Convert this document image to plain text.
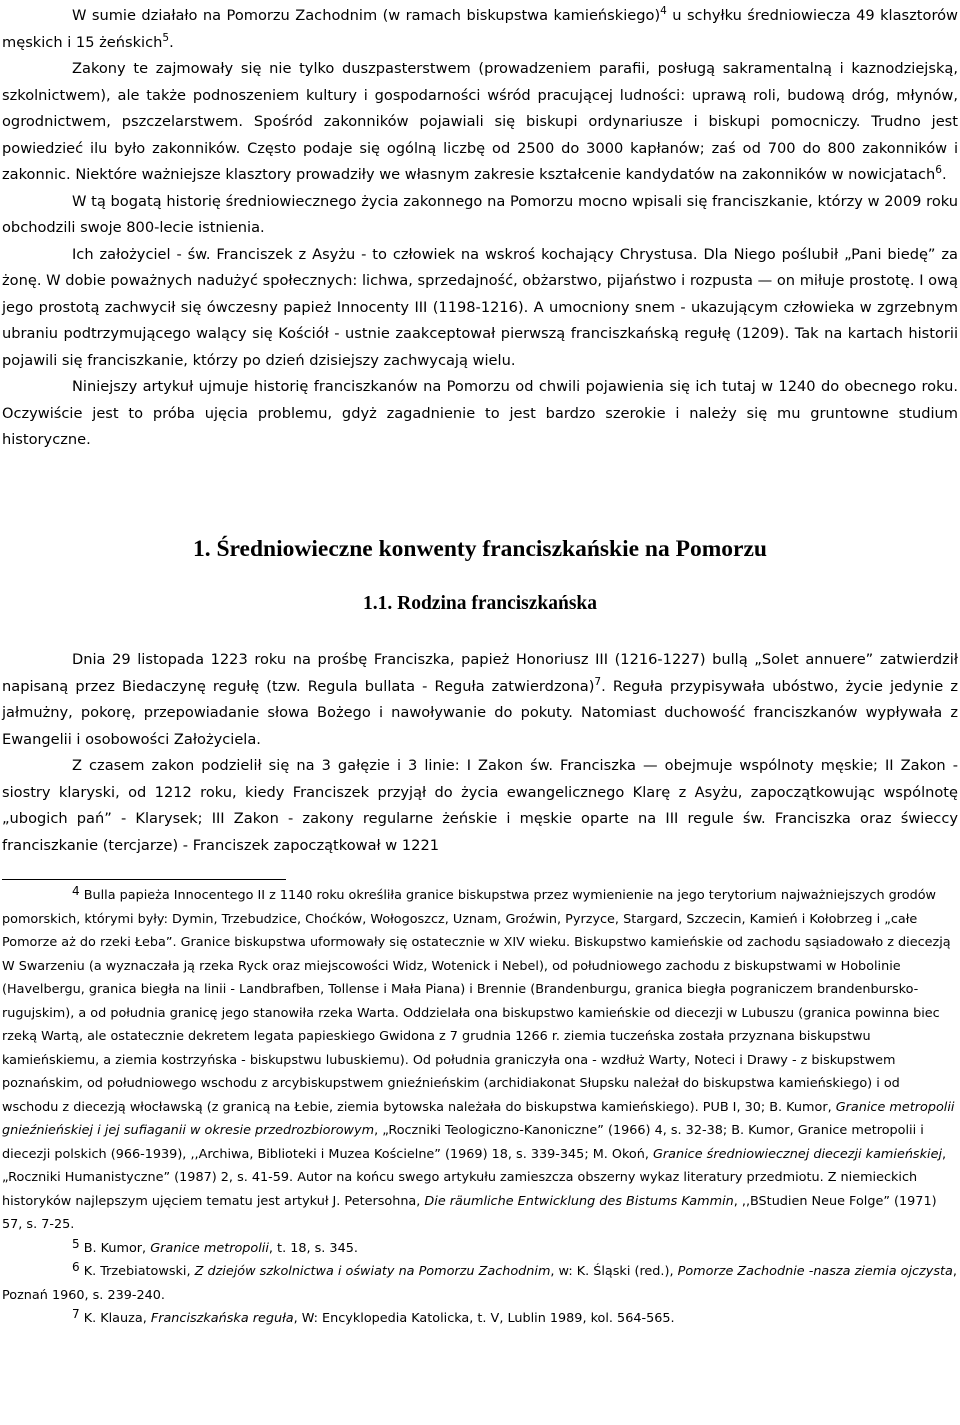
W sumie działało na Pomorzu Zachodnim (w ramach biskupstwa kamieńskiego)$^4$ u schyłku średniowiecza 49 klasztorów męskich i 15 żeńskich$^5$.

Zakony te zajmowały się nie tylko duszpasterstwem (prowadzeniem parafii, posługą sakramentalną i kaznodziejską, szkolnictwem), ale także podnoszeniem kultury i gospodarności wśród pracującej ludności: uprawą roli, budową dróg, młynów, ogrodnictwem, pszczelarstwem. Spośród zakonników pojawiali się biskupi ordynariusze i biskupi pomocniczy. Trudno jest powiedzieć ilu było zakonników. Często podaje się ogólną liczbę od 2500 do 3000 kapłanów; zaś od 700 do 800 zakonników i zakonnic. Niektóre ważniejsze klasztory prowadziły we własnym zakresie kształcenie kandydatów na zakonników w nowicjatach$^6$.

W tą bogatą historię średniowiecznego życia zakonnego na Pomorzu mocno wpisali się franciszkanie, którzy w 2009 roku obchodzili swoje 800-lecie istnienia.

Ich założyciel - św. Franciszek z Asyżu - to człowiek na wskroś kochający Chrystusa. Dla Niego poślubił „Pani biedę” za żonę. W dobie poważnych nadużyć społecznych: lichwa, sprzedajność, obżarstwo, pijaństwo i rozpusta — on miłuje prostotę. I ową jego prostotą zachwycił się ówczesny papież Innocenty III (1198-1216). A umocniony snem - ukazującym człowieka w zgrzebnym ubraniu podtrzymującego walący się Kościół - ustnie zaakceptował pierwszą franciszkańską regułę (1209). Tak na kartach historii pojawili się franciszkanie, którzy po dzień dzisiejszy zachwycają wielu.

Niniejszy artykuł ujmuje historię franciszkanów na Pomorzu od chwili pojawienia się ich tutaj w 1240 do obecnego roku. Oczywiście jest to próba ujęcia problemu, gdyż zagadnienie to jest bardzo szerokie i należy się mu gruntowne studium historyczne.

1. Średniowieczne konwenty franciszkańskie na Pomorzu
1.1. Rodzina franciszkańska

Dnia 29 listopada 1223 roku na prośbę Franciszka, papież Honoriusz III (1216-1227) bullą „Solet annuere” zatwierdził napisaną przez Biedaczynę regułę (tzw. Regula bullata - Reguła zatwierdzona)$^7$. Reguła przypisywała ubóstwo, życie jedynie z jałmużny, pokorę, przepowiadanie słowa Bożego i nawoływanie do pokuty. Natomiast duchowość franciszkanów wypływała z Ewangelii i osobowości Założyciela.

Z czasem zakon podzielił się na 3 gałęzie i 3 linie: I Zakon św. Franciszka — obejmuje wspólnoty męskie; II Zakon - siostry klaryski, od 1212 roku, kiedy Franciszek przyjął do życia ewangelicznego Klarę z Asyżu, zapoczątkowując wspólnotę „ubogich pań” - Klarysek; III Zakon - zakony regularne żeńskie i męskie oparte na III regule św. Franciszka oraz świeccy franciszkanie (tercjarze) - Franciszek zapoczątkował w 1221

4 Bulla papieża Innocentego II z 1140 roku określiła granice biskupstwa przez wymienienie na jego terytorium najważniejszych grodów pomorskich, którymi były: Dymin, Trzebudzice, Choćków, Wołogoszcz, Uznam, Groźwin, Pyrzyce, Stargard, Szczecin, Kamień i Kołobrzeg i „całe Pomorze aż do rzeki Łeba”. Granice biskupstwa uformowały się ostatecznie w XIV wieku. Biskupstwo kamieńskie od zachodu sąsiadowało z diecezją W Swarzeniu (a wyznaczała ją rzeka Ryck oraz miejscowości Widz, Wotenick i Nebel), od południowego zachodu z biskupstwami w Hobolinie (Havelbergu, granica biegła na linii - Landbrafben, Tollense i Mała Piana) i Brennie (Brandenburgu, granica biegła pograniczem brandenbursko-rugujskim), a od południa granicę jego stanowiła rzeka Warta. Oddzielała ona biskupstwo kamieńskie od diecezji w Lubuszu (granica powinna biec rzeką Wartą, ale ostatecznie dekretem legata papieskiego Gwidona z 7 grudnia 1266 r. ziemia tuczeńska została przyznana biskupstwu kamieńskiemu, a ziemia kostrzyńska - biskupstwu lubuskiemu). Od południa graniczyła ona - wzdłuż Warty, Noteci i Drawy - z biskupstwem poznańskim, od południowego wschodu z arcybiskupstwem gnieźnieńskim (archidiakonat Słupsku należał do biskupstwa kamieńskiego) i od wschodu z diecezją włocławską (z granicą na Łebie, ziemia bytowska należała do biskupstwa kamieńskiego). PUB I, 30; B. Kumor, Granice metropolii gnieźnieńskiej i jej sufiaganii w okresie przedrozbiorowym, „Roczniki Teologiczno-Kanoniczne” (1966) 4, s. 32-38; B. Kumor, Granice metropolii i diecezji polskich (966-1939), ,,Archiwa, Biblioteki i Muzea Kościelne” (1969) 18, s. 339-345; M. Okoń, Granice średniowiecznej diecezji kamieńskiej, „Roczniki Humanistyczne” (1987) 2, s. 41-59. Autor na końcu swego artykułu zamieszcza obszerny wykaz literatury przedmiotu. Z niemieckich historyków najlepszym ujęciem tematu jest artykuł J. Petersohna, Die räumliche Entwicklung des Bistums Kammin, ,,BStudien Neue Folge” (1971) 57, s. 7-25.

5 B. Kumor, Granice metropolii, t. 18, s. 345.

6 K. Trzebiatowski, Z dziejów szkolnictwa i oświaty na Pomorzu Zachodnim, w: K. Śląski (red.), Pomorze Zachodnie -nasza ziemia ojczysta, Poznań 1960, s. 239-240.

7 K. Klauza, Franciszkańska reguła, W: Encyklopedia Katolicka, t. V, Lublin 1989, kol. 564-565.
